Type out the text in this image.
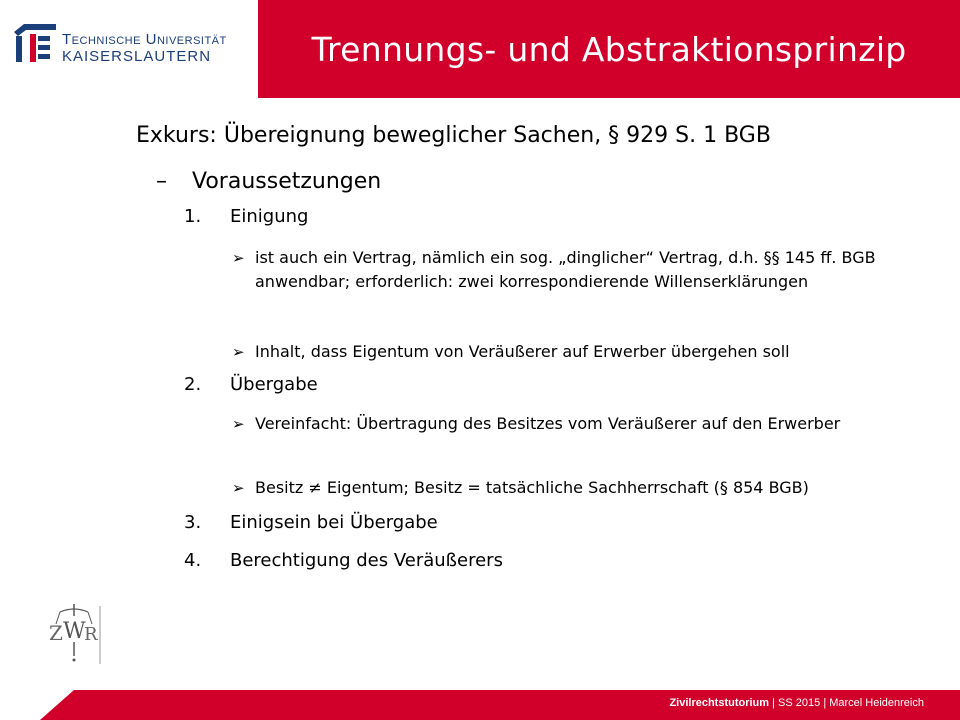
Technische Universität
KAISERSLAUTERN	Trennungs- und Abstraktionsprinzip

Exkurs: Übereignung beweglicher Sachen, § 929 S. 1 BGB

– Voraussetzungen
1. Einigung
➢ ist auch ein Vertrag, nämlich ein sog. „dinglicher“ Vertrag, d.h. §§ 145 ff. BGB anwendbar; erforderlich: zwei korrespondierende Willenserklärungen
➢ Inhalt, dass Eigentum von Veräußerer auf Erwerber übergehen soll
2. Übergabe
➢ Vereinfacht: Übertragung des Besitzes vom Veräußerer auf den Erwerber
➢ Besitz ≠ Eigentum; Besitz = tatsächliche Sachherrschaft (§ 854 BGB)
3. Einigsein bei Übergabe
4. Berechtigung des Veräußerers
Z W
R
Zivilrechtstutorium | SS 2015 | Marcel Heidenreich
